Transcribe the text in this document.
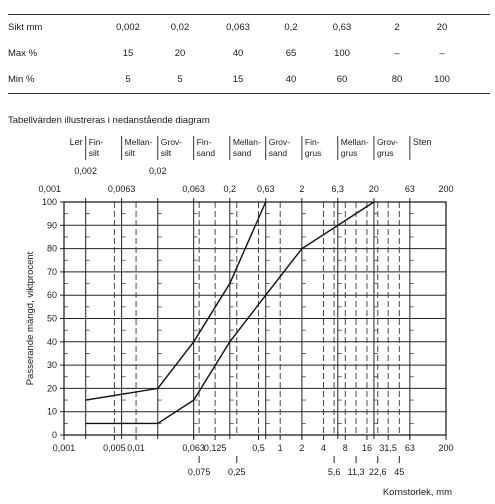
Sikt mm	0,002	0,02	0,063	0,2	0,63	2	20
Max %	15	20	40	65	100	–	–
Min %	5	5	15	40	60	80	100
Tabellvärden illustreras i nedanstående diagram
Ler Fin-
silt
Mellan-
silt
Grov-
silt
Fin-
sand
Mellan-
sand
Grov-
sand
Fin-
grus
Mellan-
grus
Grov-
grus
Sten
0,002	0,02
0,001	0,0063	0,063 0,2 0,63	2	6,3	20	63	200
0
10
20
30
40
50
60
70
80
90
100
0,001	0,005 0,01	0,063
0,125	0,5 1 2 4 8 16 31,5 63	200
0,075 0,25	5,6 11,3 22,6 45
Passerande mängd, viktprocent
Kornstorlek, mm
